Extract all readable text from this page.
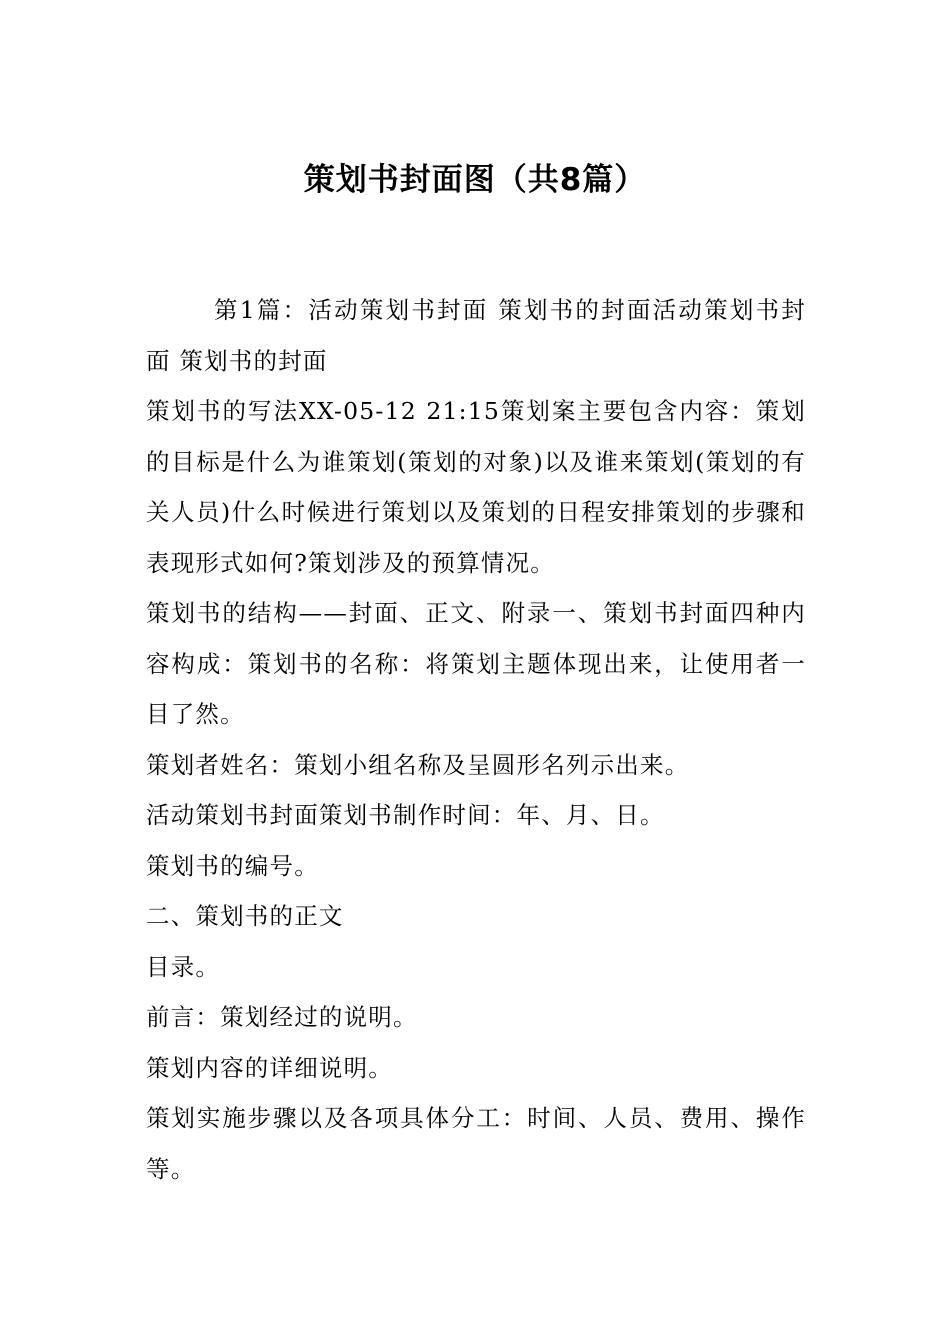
策划书封面图（共8篇）

第1篇：活动策划书封面 策划书的封面活动策划书封面 策划书的封面

策划书的写法XX-05-12 21:15策划案主要包含内容：策划的目标是什么为谁策划(策划的对象)以及谁来策划(策划的有关人员)什么时候进行策划以及策划的日程安排策划的步骤和表现形式如何?策划涉及的预算情况。

策划书的结构——封面、正文、附录一、策划书封面四种内容构成：策划书的名称：将策划主题体现出来，让使用者一目了然。

策划者姓名：策划小组名称及呈圆形名列示出来。

活动策划书封面策划书制作时间：年、月、日。

策划书的编号。

二、策划书的正文

目录。

前言：策划经过的说明。

策划内容的详细说明。

策划实施步骤以及各项具体分工：时间、人员、费用、操作等。
